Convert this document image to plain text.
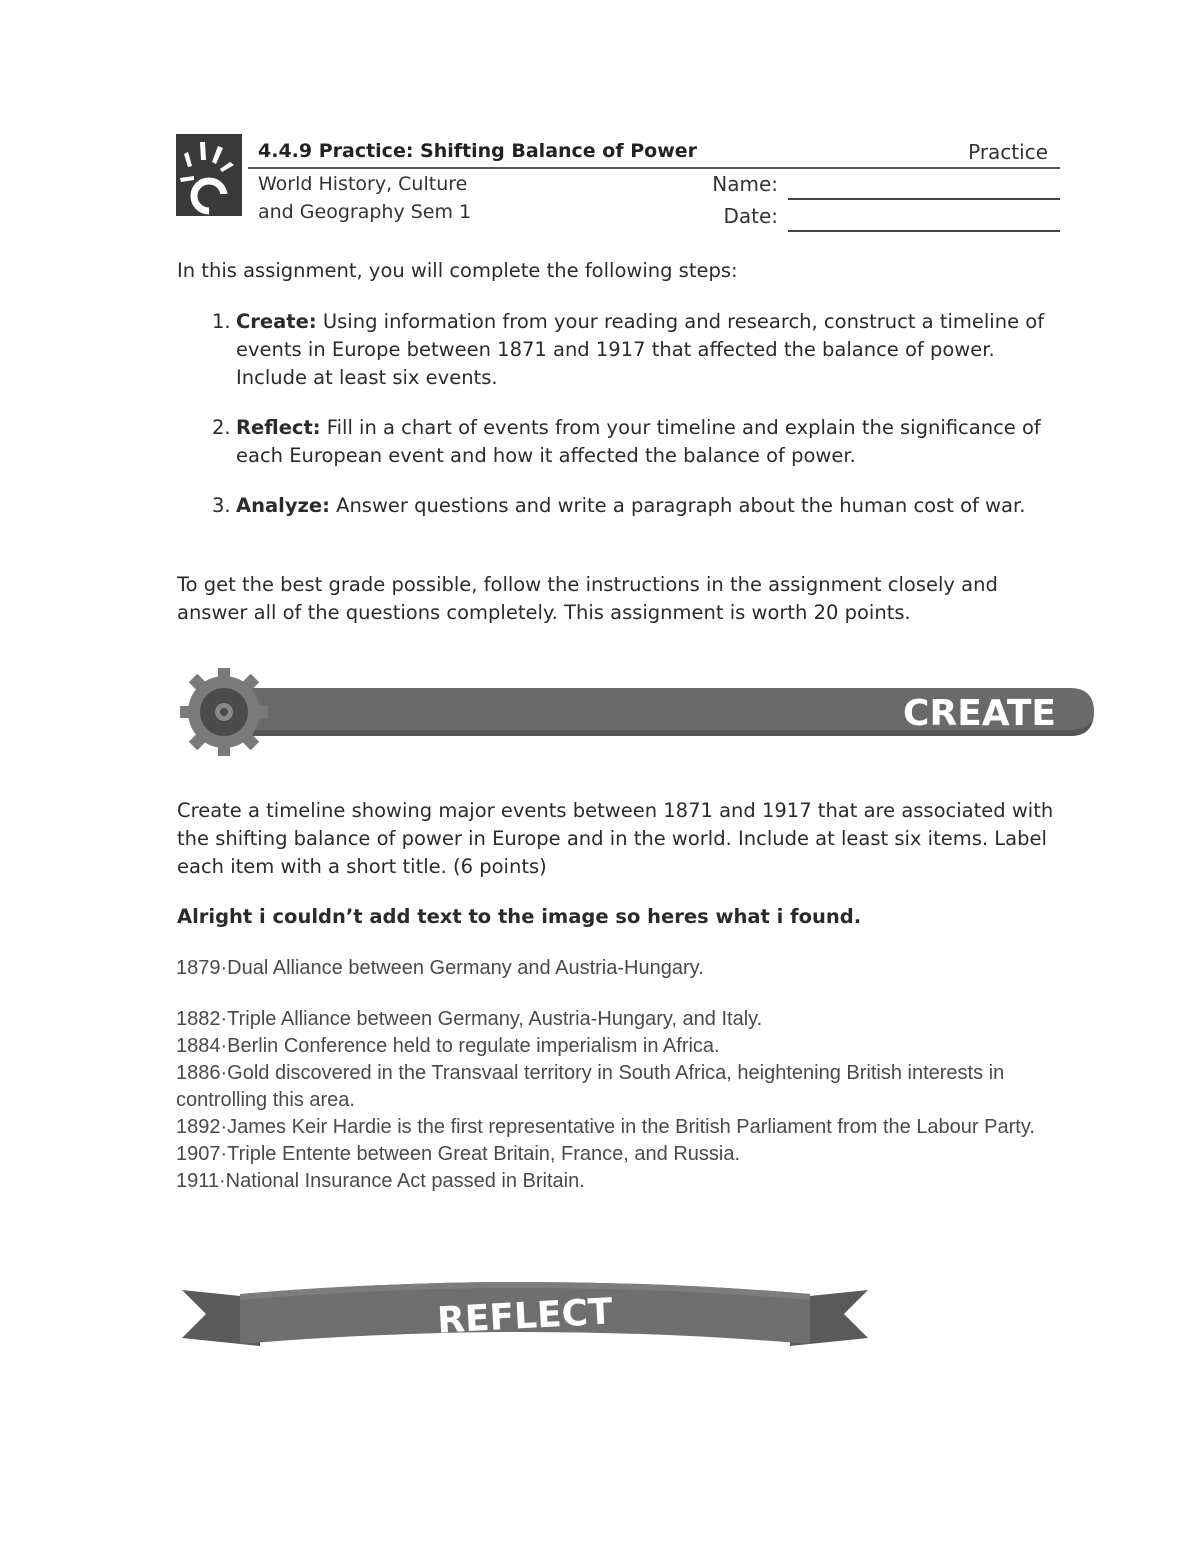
4.4.9 Practice: Shifting Balance of Power	Practice
World History, Culture
and Geography Sem 1
Name:
Date:
In this assignment, you will complete the following steps:
1. Create: Using information from your reading and research, construct a timeline of events in Europe between 1871 and 1917 that affected the balance of power. Include at least six events.
2. Reflect: Fill in a chart of events from your timeline and explain the significance of each European event and how it affected the balance of power.
3. Analyze: Answer questions and write a paragraph about the human cost of war.
To get the best grade possible, follow the instructions in the assignment closely and answer all of the questions completely. This assignment is worth 20 points.
CREATE
Create a timeline showing major events between 1871 and 1917 that are associated with the shifting balance of power in Europe and in the world. Include at least six items. Label each item with a short title. (6 points)
Alright i couldn’t add text to the image so heres what i found.
1879·Dual Alliance between Germany and Austria-Hungary.
1882·Triple Alliance between Germany, Austria-Hungary, and Italy.
1884·Berlin Conference held to regulate imperialism in Africa.
1886·Gold discovered in the Transvaal territory in South Africa, heightening British interests in controlling this area.
1892·James Keir Hardie is the first representative in the British Parliament from the Labour Party.
1907·Triple Entente between Great Britain, France, and Russia.
1911·National Insurance Act passed in Britain.
REFLECT
